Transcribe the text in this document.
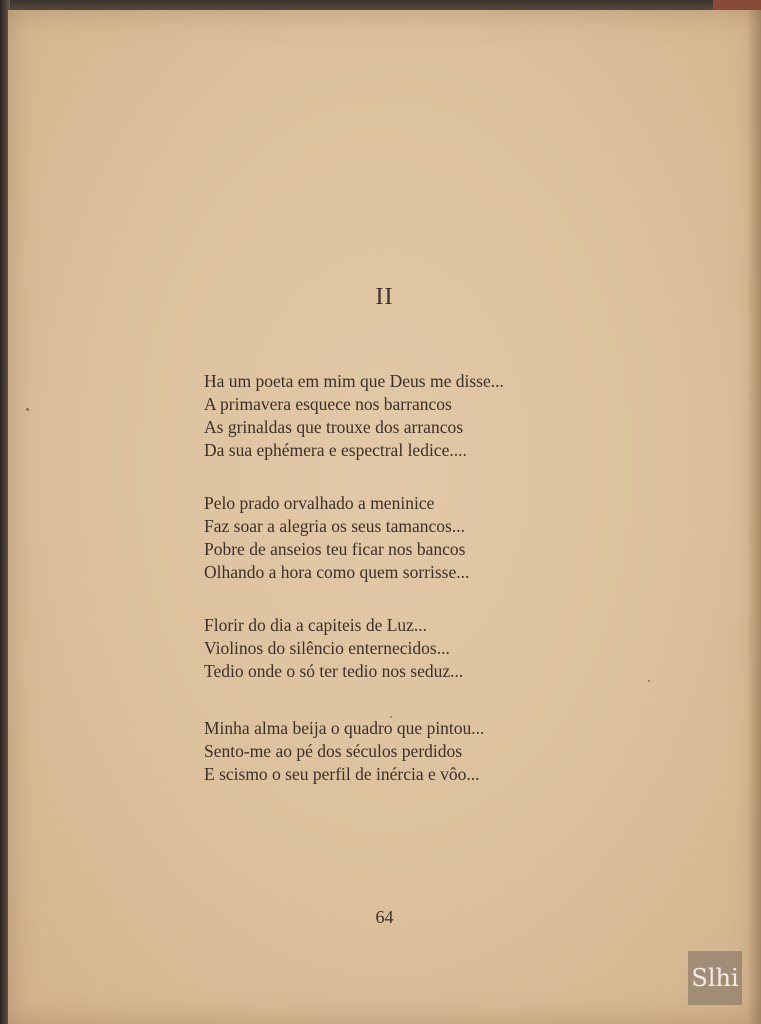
II
Ha um poeta em mim que Deus me disse...
A primavera esquece nos barrancos
As grinaldas que trouxe dos arrancos
Da sua ephémera e espectral ledice....
Pelo prado orvalhado a meninice
Faz soar a alegria os seus tamancos...
Pobre de anseios teu ficar nos bancos
Olhando a hora como quem sorrisse...
Florir do dia a capiteis de Luz...
Violinos do silêncio enternecidos...
Tedio onde o só ter tedio nos seduz...
Minha alma beija o quadro que pintou...
Sento-me ao pé dos séculos perdidos
E scismo o seu perfil de inércia e vôo...
64
Slhi
